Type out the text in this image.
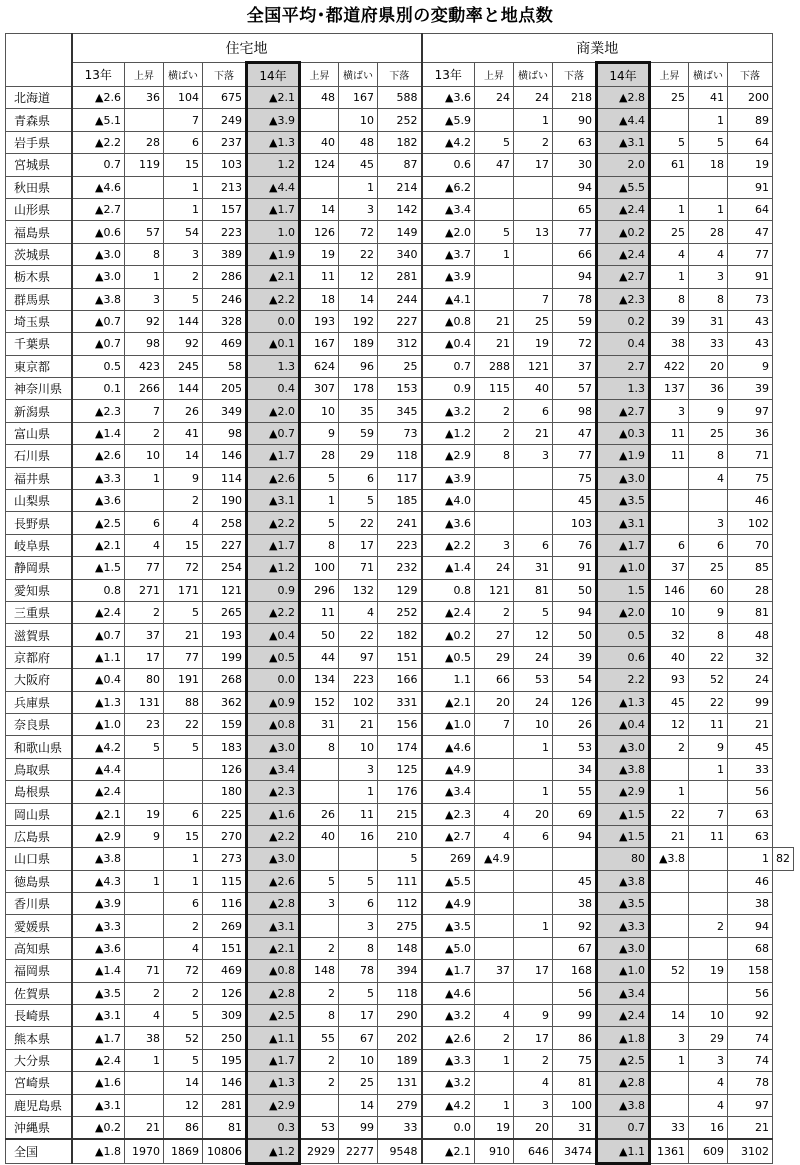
全国平均･都道府県別の変動率と地点数
	住宅地								商業地								
	13年	上昇	横ばい	下落	14年	上昇	横ばい	下落	13年	上昇	横ばい	下落	14年	上昇	横ばい	下落	
北海道	▲2.6	36	104	675	▲2.1	48	167	588	▲3.6	24	24	218	▲2.8	25	41	200	
青森県	▲5.1		7	249	▲3.9		10	252	▲5.9		1	90	▲4.4		1	89	
岩手県	▲2.2	28	6	237	▲1.3	40	48	182	▲4.2	5	2	63	▲3.1	5	5	64	
宮城県	0.7	119	15	103	1.2	124	45	87	0.6	47	17	30	2.0	61	18	19	
秋田県	▲4.6		1	213	▲4.4		1	214	▲6.2			94	▲5.5			91	
山形県	▲2.7		1	157	▲1.7	14	3	142	▲3.4			65	▲2.4	1	1	64	
福島県	▲0.6	57	54	223	1.0	126	72	149	▲2.0	5	13	77	▲0.2	25	28	47	
茨城県	▲3.0	8	3	389	▲1.9	19	22	340	▲3.7	1		66	▲2.4	4	4	77	
栃木県	▲3.0	1	2	286	▲2.1	11	12	281	▲3.9			94	▲2.7	1	3	91	
群馬県	▲3.8	3	5	246	▲2.2	18	14	244	▲4.1		7	78	▲2.3	8	8	73	
埼玉県	▲0.7	92	144	328	0.0	193	192	227	▲0.8	21	25	59	0.2	39	31	43	
千葉県	▲0.7	98	92	469	▲0.1	167	189	312	▲0.4	21	19	72	0.4	38	33	43	
東京都	0.5	423	245	58	1.3	624	96	25	0.7	288	121	37	2.7	422	20	9	
神奈川県	0.1	266	144	205	0.4	307	178	153	0.9	115	40	57	1.3	137	36	39	
新潟県	▲2.3	7	26	349	▲2.0	10	35	345	▲3.2	2	6	98	▲2.7	3	9	97	
富山県	▲1.4	2	41	98	▲0.7	9	59	73	▲1.2	2	21	47	▲0.3	11	25	36	
石川県	▲2.6	10	14	146	▲1.7	28	29	118	▲2.9	8	3	77	▲1.9	11	8	71	
福井県	▲3.3	1	9	114	▲2.6	5	6	117	▲3.9			75	▲3.0		4	75	
山梨県	▲3.6		2	190	▲3.1	1	5	185	▲4.0			45	▲3.5			46	
長野県	▲2.5	6	4	258	▲2.2	5	22	241	▲3.6			103	▲3.1		3	102	
岐阜県	▲2.1	4	15	227	▲1.7	8	17	223	▲2.2	3	6	76	▲1.7	6	6	70	
静岡県	▲1.5	77	72	254	▲1.2	100	71	232	▲1.4	24	31	91	▲1.0	37	25	85	
愛知県	0.8	271	171	121	0.9	296	132	129	0.8	121	81	50	1.5	146	60	28	
三重県	▲2.4	2	5	265	▲2.2	11	4	252	▲2.4	2	5	94	▲2.0	10	9	81	
滋賀県	▲0.7	37	21	193	▲0.4	50	22	182	▲0.2	27	12	50	0.5	32	8	48	
京都府	▲1.1	17	77	199	▲0.5	44	97	151	▲0.5	29	24	39	0.6	40	22	32	
大阪府	▲0.4	80	191	268	0.0	134	223	166	1.1	66	53	54	2.2	93	52	24	
兵庫県	▲1.3	131	88	362	▲0.9	152	102	331	▲2.1	20	24	126	▲1.3	45	22	99	
奈良県	▲1.0	23	22	159	▲0.8	31	21	156	▲1.0	7	10	26	▲0.4	12	11	21	
和歌山県	▲4.2	5	5	183	▲3.0	8	10	174	▲4.6		1	53	▲3.0	2	9	45	
鳥取県	▲4.4			126	▲3.4		3	125	▲4.9			34	▲3.8		1	33	
島根県	▲2.4			180	▲2.3		1	176	▲3.4		1	55	▲2.9	1		56	
岡山県	▲2.1	19	6	225	▲1.6	26	11	215	▲2.3	4	20	69	▲1.5	22	7	63	
広島県	▲2.9	9	15	270	▲2.2	40	16	210	▲2.7	4	6	94	▲1.5	21	11	63	
山口県	▲3.8		1	273	▲3.0			5	269	▲4.9			80	▲3.8		1	82
徳島県	▲4.3	1	1	115	▲2.6	5	5	111	▲5.5			45	▲3.8			46	
香川県	▲3.9		6	116	▲2.8	3	6	112	▲4.9			38	▲3.5			38	
愛媛県	▲3.3		2	269	▲3.1		3	275	▲3.5		1	92	▲3.3		2	94	
高知県	▲3.6		4	151	▲2.1	2	8	148	▲5.0			67	▲3.0			68	
福岡県	▲1.4	71	72	469	▲0.8	148	78	394	▲1.7	37	17	168	▲1.0	52	19	158	
佐賀県	▲3.5	2	2	126	▲2.8	2	5	118	▲4.6			56	▲3.4			56	
長崎県	▲3.1	4	5	309	▲2.5	8	17	290	▲3.2	4	9	99	▲2.4	14	10	92	
熊本県	▲1.7	38	52	250	▲1.1	55	67	202	▲2.6	2	17	86	▲1.8	3	29	74	
大分県	▲2.4	1	5	195	▲1.7	2	10	189	▲3.3	1	2	75	▲2.5	1	3	74	
宮崎県	▲1.6		14	146	▲1.3	2	25	131	▲3.2		4	81	▲2.8		4	78	
鹿児島県	▲3.1		12	281	▲2.9		14	279	▲4.2	1	3	100	▲3.8		4	97	
沖縄県	▲0.2	21	86	81	0.3	53	99	33	0.0	19	20	31	0.7	33	16	21	
全国	▲1.8	1970	1869	10806	▲1.2	2929	2277	9548	▲2.1	910	646	3474	▲1.1	1361	609	3102	
